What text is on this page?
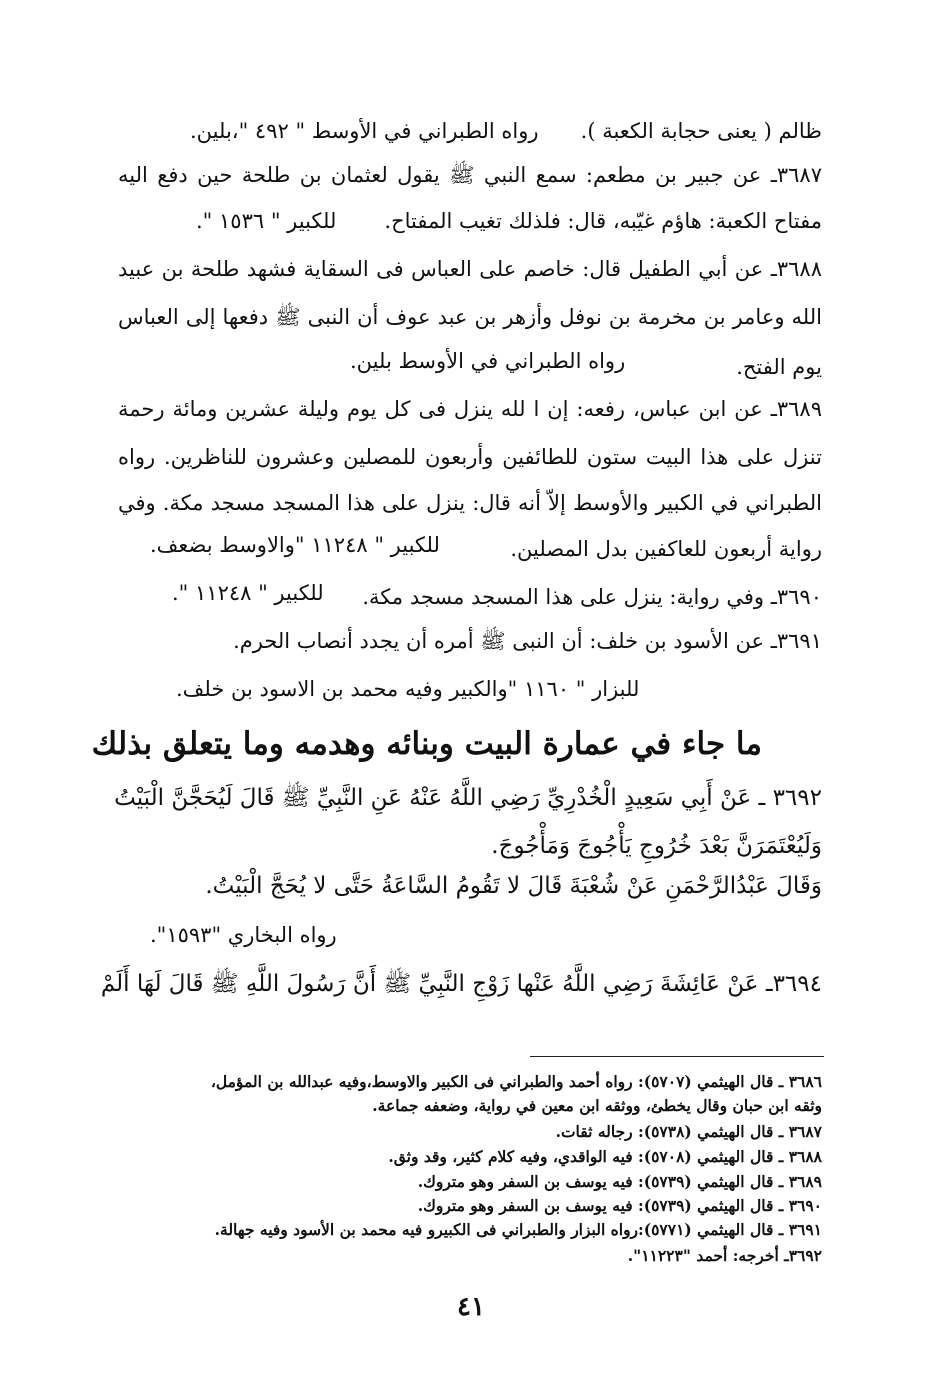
ظالم ( يعنى حجابة الكعبة ).
رواه الطبراني في الأوسط " ٤٩٢ "،بلين.
٣٦٨٧ـ عن جبير بن مطعم: سمع النبي ﷺ يقول لعثمان بن طلحة حين دفع اليه
مفتاح الكعبة: هاؤم غيّبه، قال: فلذلك تغيب المفتاح.
للكبير " ١٥٣٦ ".
٣٦٨٨ـ عن أبي الطفيل قال: خاصم على العباس فى السقاية فشهد طلحة بن عبيد
الله وعامر بن مخرمة بن نوفل وأزهر بن عبد عوف أن النبى ﷺ دفعها إلى العباس
يوم الفتح.
رواه الطبراني في الأوسط بلين.
٣٦٨٩ـ عن ابن عباس، رفعه: إن ا لله ينزل فى كل يوم وليلة عشرين ومائة رحمة
تنزل على هذا البيت ستون للطائفين وأربعون للمصلين وعشرون للناظرين. رواه
الطبراني في الكبير والأوسط إلاّ أنه قال: ينزل على هذا المسجد مسجد مكة. وفي
رواية أربعون للعاكفين بدل المصلين.
للكبير " ١١٢٤٨ "والاوسط بضعف.
٣٦٩٠ـ وفي رواية: ينزل على هذا المسجد مسجد مكة.
للكبير " ١١٢٤٨ ".
٣٦٩١ـ عن الأسود بن خلف: أن النبى ﷺ أمره أن يجدد أنصاب الحرم.
للبزار " ١١٦٠ "والكبير وفيه محمد بن الاسود بن خلف.
ما جاء في عمارة البيت وبنائه وهدمه وما يتعلق بذلك
٣٦٩٢ ـ عَنْ أَبِي سَعِيدٍ الْخُدْرِيِّ رَضِي اللَّهُ عَنْهُ عَنِ النَّبِيِّ ﷺ قَالَ لَيُحَجَّنَّ الْبَيْتُ
وَلَيُعْتَمَرَنَّ بَعْدَ خُرُوجِ يَأْجُوجَ وَمَأْجُوجَ.
وَقَالَ عَبْدُالرَّحْمَنِ عَنْ شُعْبَةَ قَالَ لا تَقُومُ السَّاعَةُ حَتَّى لا يُحَجَّ الْبَيْتُ.
رواه البخاري "١٥٩٣".
٣٦٩٤ـ عَنْ عَائِشَةَ رَضِي اللَّهُ عَنْها زَوْجِ النَّبِيِّ ﷺ أَنَّ رَسُولَ اللَّهِ ﷺ قَالَ لَهَا أَلَمْ
٣٦٨٦ ـ قال الهيثمي (٥٧٠٧): رواه أحمد والطبراني فى الكبير والاوسط،وفيه عبدالله بن المؤمل،
وثقه ابن حبان وقال يخطئ، ووثقه ابن معين في رواية، وضعفه جماعة.
٣٦٨٧ ـ قال الهيثمي (٥٧٣٨): رجاله ثقات.
٣٦٨٨ ـ قال الهيثمي (٥٧٠٨): فيه الواقدي، وفيه كلام كثير، وقد وثق.
٣٦٨٩ ـ قال الهيثمي (٥٧٣٩): فيه يوسف بن السفر وهو متروك.
٣٦٩٠ ـ قال الهيثمي (٥٧٣٩): فيه يوسف بن السفر وهو متروك.
٣٦٩١ ـ قال الهيثمي (٥٧٧١):رواه البزار والطبراني فى الكبيرو فيه محمد بن الأسود وفيه جهالة.
٣٦٩٢ـ أخرجه: أحمد "١١٢٢٣".
٤١
